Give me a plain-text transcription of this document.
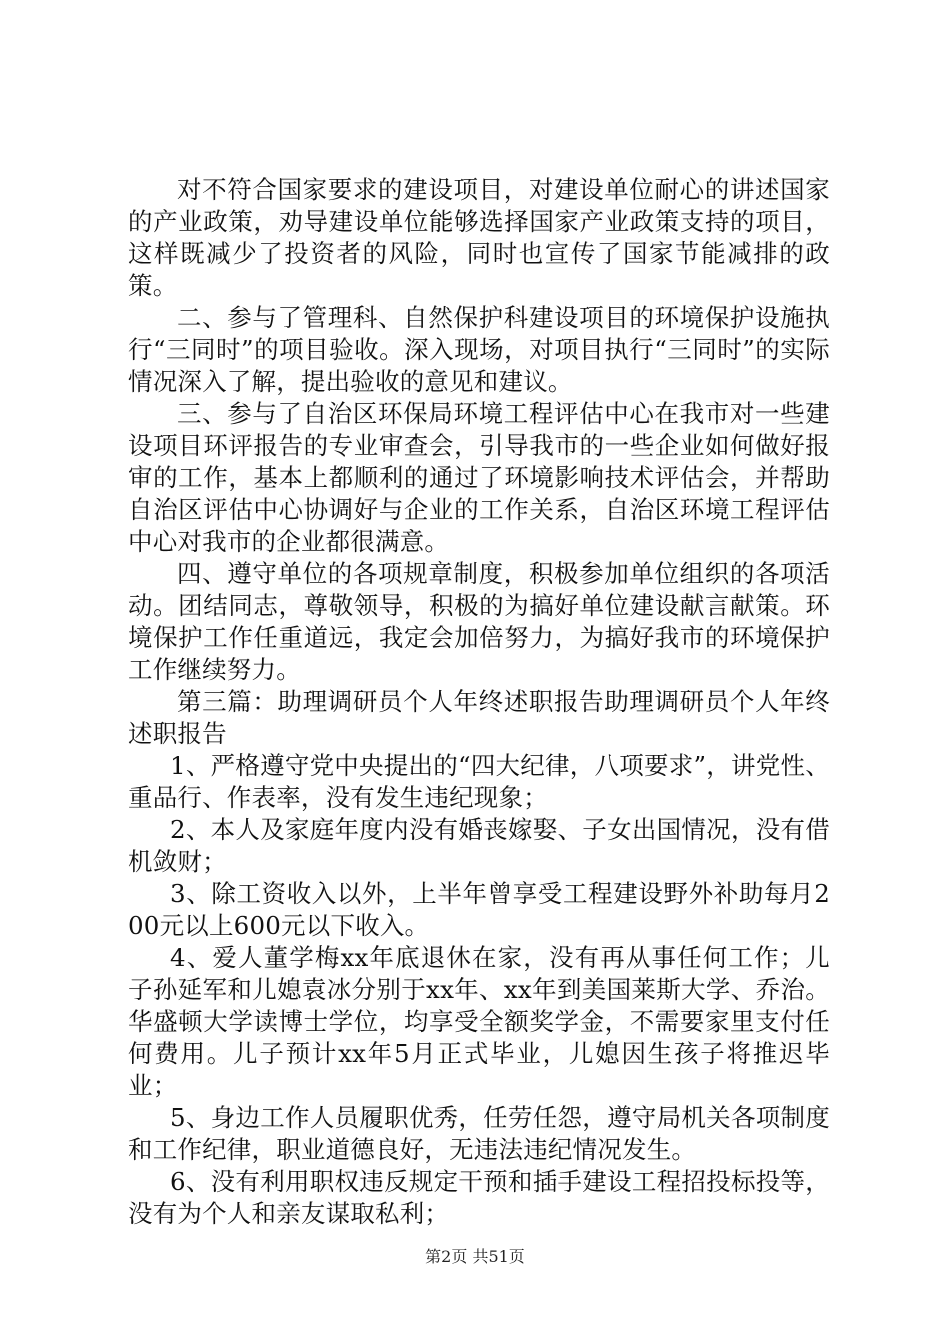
对不符合国家要求的建设项目，对建设单位耐心的讲述国家的产业政策，劝导建设单位能够选择国家产业政策支持的项目，这样既减少了投资者的风险，同时也宣传了国家节能减排的政策。

二、参与了管理科、自然保护科建设项目的环境保护设施执行“三同时”的项目验收。深入现场，对项目执行“三同时”的实际情况深入了解，提出验收的意见和建议。

三、参与了自治区环保局环境工程评估中心在我市对一些建设项目环评报告的专业审查会，引导我市的一些企业如何做好报审的工作，基本上都顺利的通过了环境影响技术评估会，并帮助自治区评估中心协调好与企业的工作关系，自治区环境工程评估中心对我市的企业都很满意。

四、遵守单位的各项规章制度，积极参加单位组织的各项活动。团结同志，尊敬领导，积极的为搞好单位建设献言献策。环境保护工作任重道远，我定会加倍努力，为搞好我市的环境保护工作继续努力。

第三篇：助理调研员个人年终述职报告助理调研员个人年终述职报告

1、严格遵守党中央提出的“四大纪律，八项要求”，讲党性、重品行、作表率，没有发生违纪现象；

2、本人及家庭年度内没有婚丧嫁娶、子女出国情况，没有借机敛财；

3、除工资收入以外，上半年曾享受工程建设野外补助每月200元以上600元以下收入。

4、爱人董学梅xx年底退休在家，没有再从事任何工作；儿子孙延军和儿媳袁冰分别于xx年、xx年到美国莱斯大学、乔治。华盛顿大学读博士学位，均享受全额奖学金，不需要家里支付任何费用。儿子预计xx年5月正式毕业，儿媳因生孩子将推迟毕业；

5、身边工作人员履职优秀，任劳任怨，遵守局机关各项制度和工作纪律，职业道德良好，无违法违纪情况发生。

6、没有利用职权违反规定干预和插手建设工程招投标投等，没有为个人和亲友谋取私利；

第2页 共51页
